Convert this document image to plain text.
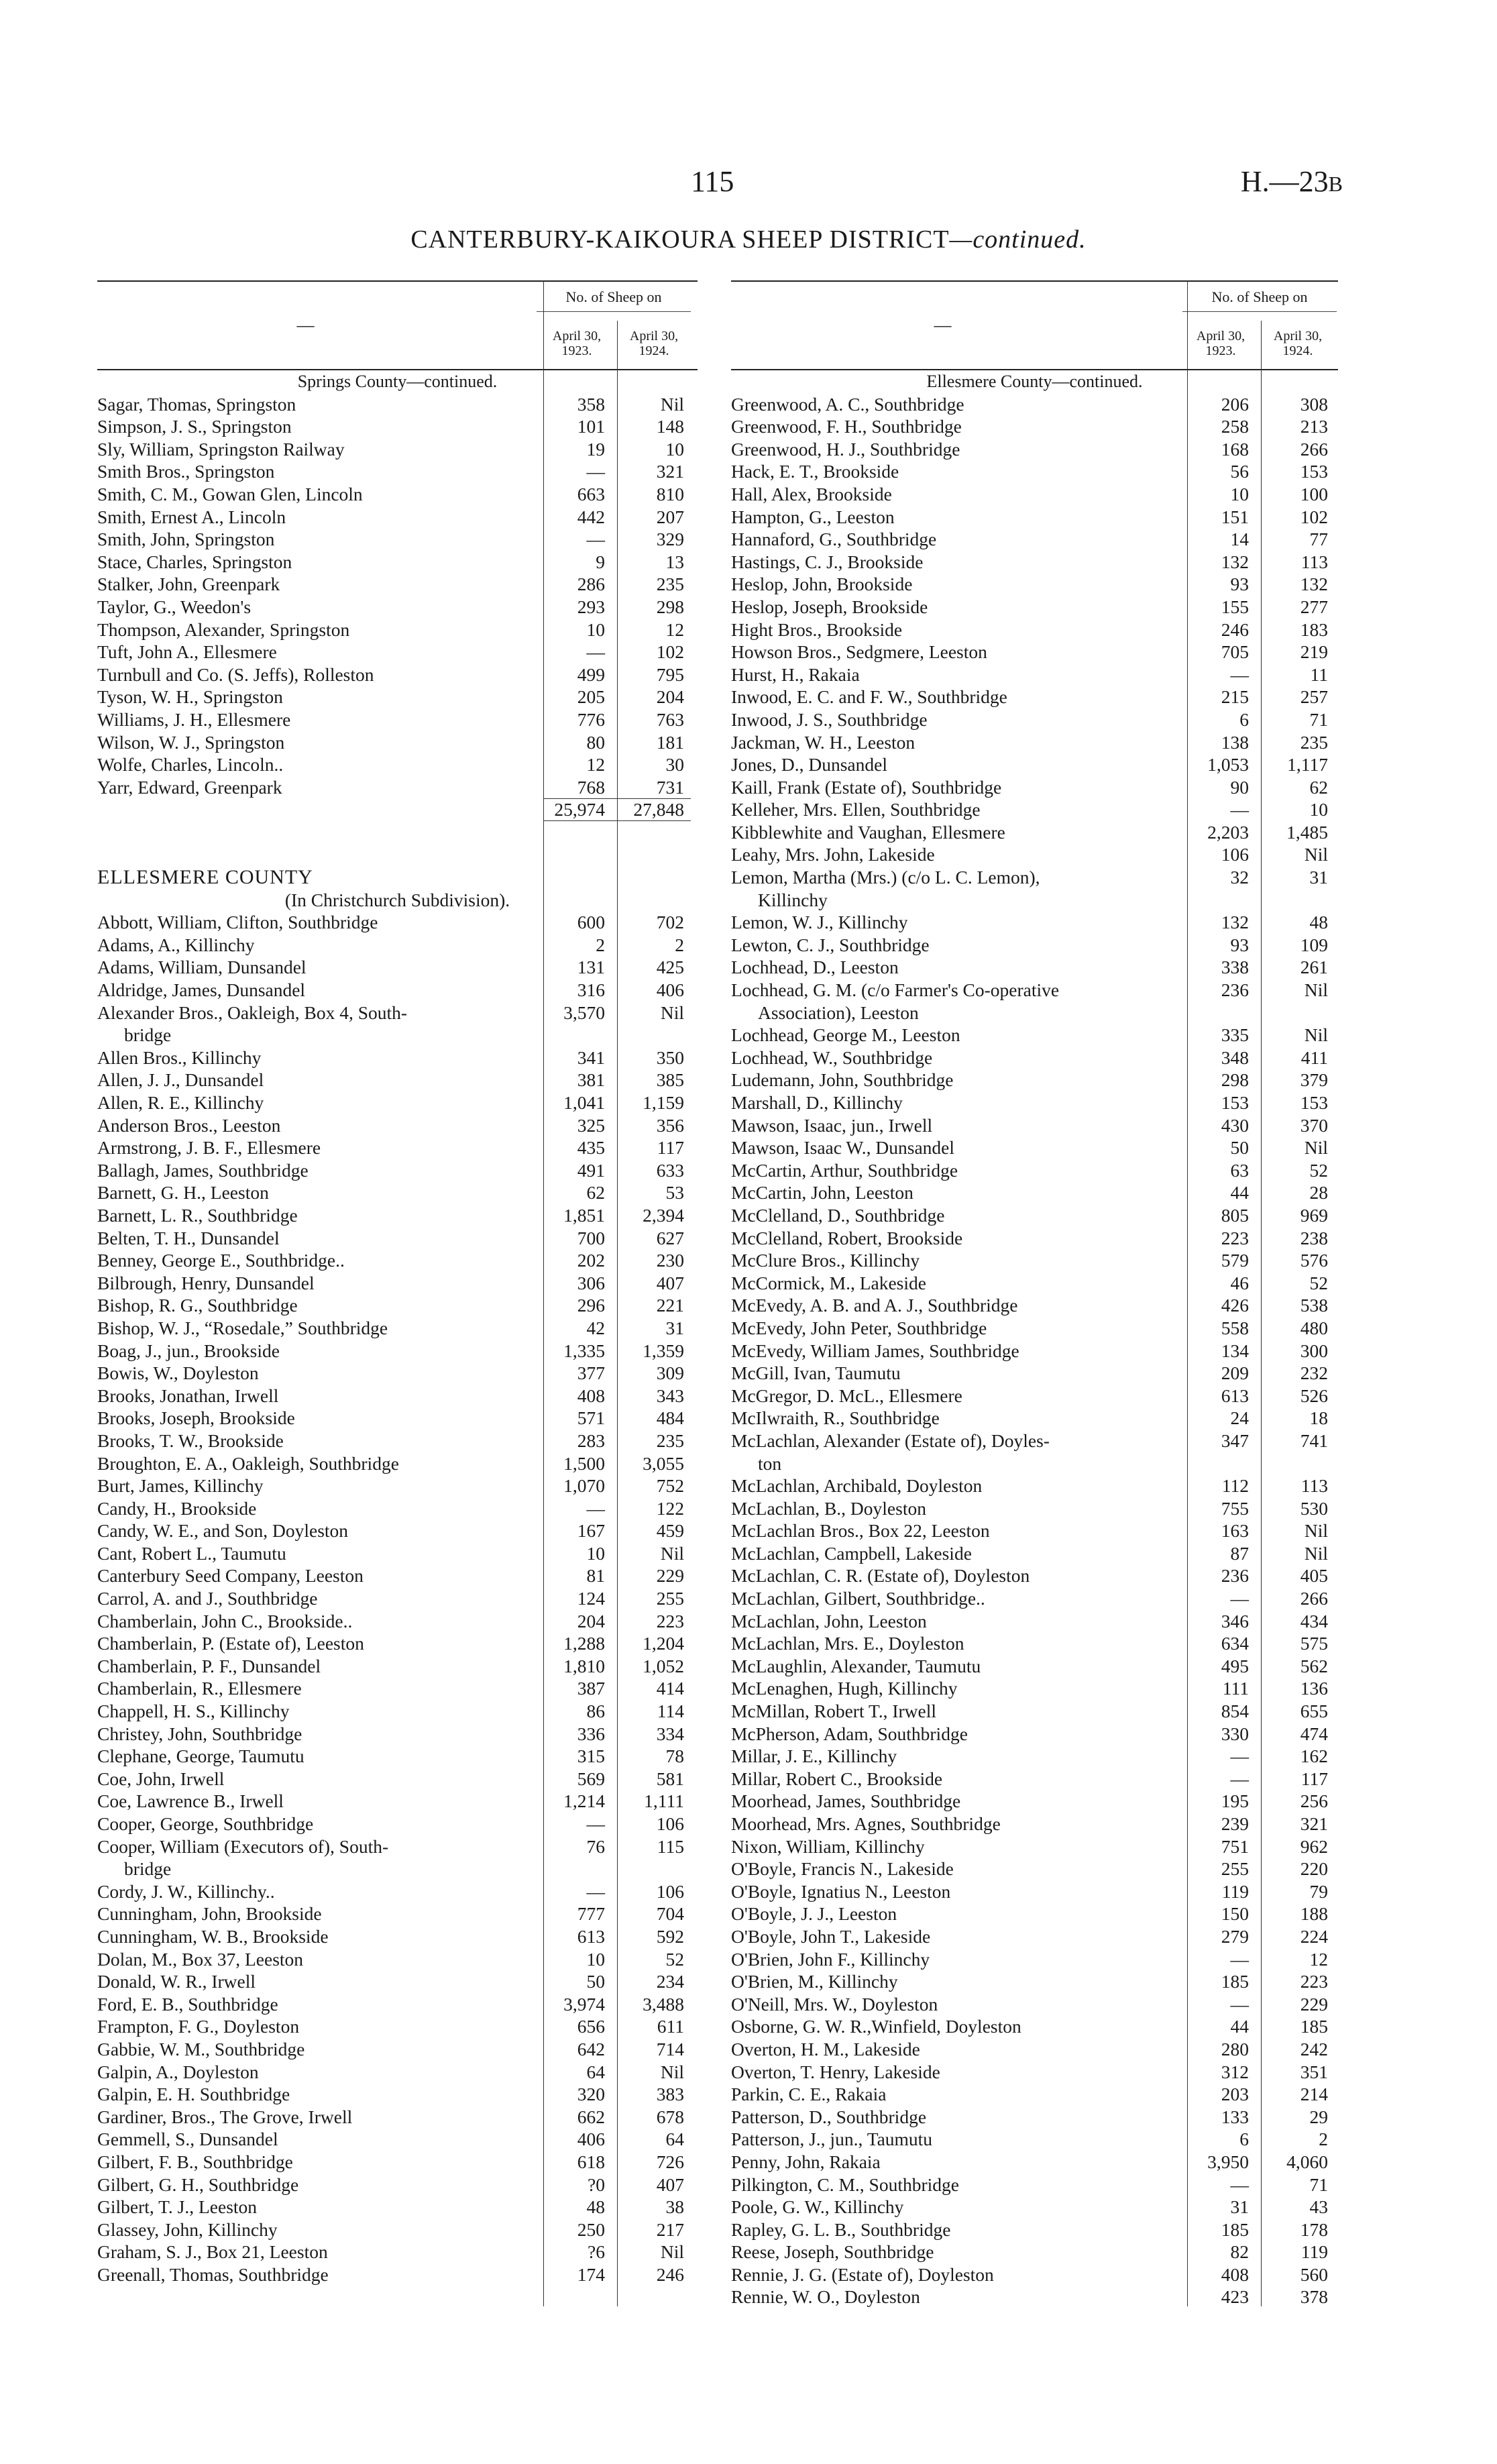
115	H.—23B
CANTERBURY-KAIKOURA SHEEP DISTRICT—continued.
—
No. of Sheep on
April 30, 1923.
April 30, 1924.
Springs County—continued.
Sagar, Thomas, Springston	358	Nil
Simpson, J. S., Springston	101	148
Sly, William, Springston Railway	19	10
Smith Bros., Springston	—	321
Smith, C. M., Gowan Glen, Lincoln	663	810
Smith, Ernest A., Lincoln	442	207
Smith, John, Springston	—	329
Stace, Charles, Springston	9	13
Stalker, John, Greenpark	286	235
Taylor, G., Weedon's	293	298
Thompson, Alexander, Springston	10	12
Tuft, John A., Ellesmere	—	102
Turnbull and Co. (S. Jeffs), Rolleston	499	795
Tyson, W. H., Springston	205	204
Williams, J. H., Ellesmere	776	763
Wilson, W. J., Springston	80	181
Wolfe, Charles, Lincoln..	12	30
Yarr, Edward, Greenpark	768	731
25,974	27,848
ELLESMERE COUNTY
(In Christchurch Subdivision).
Abbott, William, Clifton, Southbridge	600	702
Adams, A., Killinchy	2	2
Adams, William, Dunsandel	131	425
Aldridge, James, Dunsandel	316	406
Alexander Bros., Oakleigh, Box 4, South-	3,570	Nil
bridge
Allen Bros., Killinchy	341	350
Allen, J. J., Dunsandel	381	385
Allen, R. E., Killinchy	1,041	1,159
Anderson Bros., Leeston	325	356
Armstrong, J. B. F., Ellesmere	435	117
Ballagh, James, Southbridge	491	633
Barnett, G. H., Leeston	62	53
Barnett, L. R., Southbridge	1,851	2,394
Belten, T. H., Dunsandel	700	627
Benney, George E., Southbridge..	202	230
Bilbrough, Henry, Dunsandel	306	407
Bishop, R. G., Southbridge	296	221
Bishop, W. J., “Rosedale,” Southbridge	42	31
Boag, J., jun., Brookside	1,335	1,359
Bowis, W., Doyleston	377	309
Brooks, Jonathan, Irwell	408	343
Brooks, Joseph, Brookside	571	484
Brooks, T. W., Brookside	283	235
Broughton, E. A., Oakleigh, Southbridge	1,500	3,055
Burt, James, Killinchy	1,070	752
Candy, H., Brookside	—	122
Candy, W. E., and Son, Doyleston	167	459
Cant, Robert L., Taumutu	10	Nil
Canterbury Seed Company, Leeston	81	229
Carrol, A. and J., Southbridge	124	255
Chamberlain, John C., Brookside..	204	223
Chamberlain, P. (Estate of), Leeston	1,288	1,204
Chamberlain, P. F., Dunsandel	1,810	1,052
Chamberlain, R., Ellesmere	387	414
Chappell, H. S., Killinchy	86	114
Christey, John, Southbridge	336	334
Clephane, George, Taumutu	315	78
Coe, John, Irwell	569	581
Coe, Lawrence B., Irwell	1,214	1,111
Cooper, George, Southbridge	—	106
Cooper, William (Executors of), South-	76	115
bridge
Cordy, J. W., Killinchy..	—	106
Cunningham, John, Brookside	777	704
Cunningham, W. B., Brookside	613	592
Dolan, M., Box 37, Leeston	10	52
Donald, W. R., Irwell	50	234
Ford, E. B., Southbridge	3,974	3,488
Frampton, F. G., Doyleston	656	611
Gabbie, W. M., Southbridge	642	714
Galpin, A., Doyleston	64	Nil
Galpin, E. H. Southbridge	320	383
Gardiner, Bros., The Grove, Irwell	662	678
Gemmell, S., Dunsandel	406	64
Gilbert, F. B., Southbridge	618	726
Gilbert, G. H., Southbridge	?0	407
Gilbert, T. J., Leeston	48	38
Glassey, John, Killinchy	250	217
Graham, S. J., Box 21, Leeston	?6	Nil
Greenall, Thomas, Southbridge	174	246
—
No. of Sheep on
April 30, 1923.
April 30, 1924.
Ellesmere County—continued.
Greenwood, A. C., Southbridge	206	308
Greenwood, F. H., Southbridge	258	213
Greenwood, H. J., Southbridge	168	266
Hack, E. T., Brookside	56	153
Hall, Alex, Brookside	10	100
Hampton, G., Leeston	151	102
Hannaford, G., Southbridge	14	77
Hastings, C. J., Brookside	132	113
Heslop, John, Brookside	93	132
Heslop, Joseph, Brookside	155	277
Hight Bros., Brookside	246	183
Howson Bros., Sedgmere, Leeston	705	219
Hurst, H., Rakaia	—	11
Inwood, E. C. and F. W., Southbridge	215	257
Inwood, J. S., Southbridge	6	71
Jackman, W. H., Leeston	138	235
Jones, D., Dunsandel	1,053	1,117
Kaill, Frank (Estate of), Southbridge	90	62
Kelleher, Mrs. Ellen, Southbridge	—	10
Kibblewhite and Vaughan, Ellesmere	2,203	1,485
Leahy, Mrs. John, Lakeside	106	Nil
Lemon, Martha (Mrs.) (c/o L. C. Lemon),	32	31
Killinchy
Lemon, W. J., Killinchy	132	48
Lewton, C. J., Southbridge	93	109
Lochhead, D., Leeston	338	261
Lochhead, G. M. (c/o Farmer's Co-operative	236	Nil
Association), Leeston
Lochhead, George M., Leeston	335	Nil
Lochhead, W., Southbridge	348	411
Ludemann, John, Southbridge	298	379
Marshall, D., Killinchy	153	153
Mawson, Isaac, jun., Irwell	430	370
Mawson, Isaac W., Dunsandel	50	Nil
McCartin, Arthur, Southbridge	63	52
McCartin, John, Leeston	44	28
McClelland, D., Southbridge	805	969
McClelland, Robert, Brookside	223	238
McClure Bros., Killinchy	579	576
McCormick, M., Lakeside	46	52
McEvedy, A. B. and A. J., Southbridge	426	538
McEvedy, John Peter, Southbridge	558	480
McEvedy, William James, Southbridge	134	300
McGill, Ivan, Taumutu	209	232
McGregor, D. McL., Ellesmere	613	526
McIlwraith, R., Southbridge	24	18
McLachlan, Alexander (Estate of), Doyles-	347	741
ton
McLachlan, Archibald, Doyleston	112	113
McLachlan, B., Doyleston	755	530
McLachlan Bros., Box 22, Leeston	163	Nil
McLachlan, Campbell, Lakeside	87	Nil
McLachlan, C. R. (Estate of), Doyleston	236	405
McLachlan, Gilbert, Southbridge..	—	266
McLachlan, John, Leeston	346	434
McLachlan, Mrs. E., Doyleston	634	575
McLaughlin, Alexander, Taumutu	495	562
McLenaghen, Hugh, Killinchy	111	136
McMillan, Robert T., Irwell	854	655
McPherson, Adam, Southbridge	330	474
Millar, J. E., Killinchy	—	162
Millar, Robert C., Brookside	—	117
Moorhead, James, Southbridge	195	256
Moorhead, Mrs. Agnes, Southbridge	239	321
Nixon, William, Killinchy	751	962
O'Boyle, Francis N., Lakeside	255	220
O'Boyle, Ignatius N., Leeston	119	79
O'Boyle, J. J., Leeston	150	188
O'Boyle, John T., Lakeside	279	224
O'Brien, John F., Killinchy	—	12
O'Brien, M., Killinchy	185	223
O'Neill, Mrs. W., Doyleston	—	229
Osborne, G. W. R.,Winfield, Doyleston	44	185
Overton, H. M., Lakeside	280	242
Overton, T. Henry, Lakeside	312	351
Parkin, C. E., Rakaia	203	214
Patterson, D., Southbridge	133	29
Patterson, J., jun., Taumutu	6	2
Penny, John, Rakaia	3,950	4,060
Pilkington, C. M., Southbridge	—	71
Poole, G. W., Killinchy	31	43
Rapley, G. L. B., Southbridge	185	178
Reese, Joseph, Southbridge	82	119
Rennie, J. G. (Estate of), Doyleston	408	560
Rennie, W. O., Doyleston	423	378
